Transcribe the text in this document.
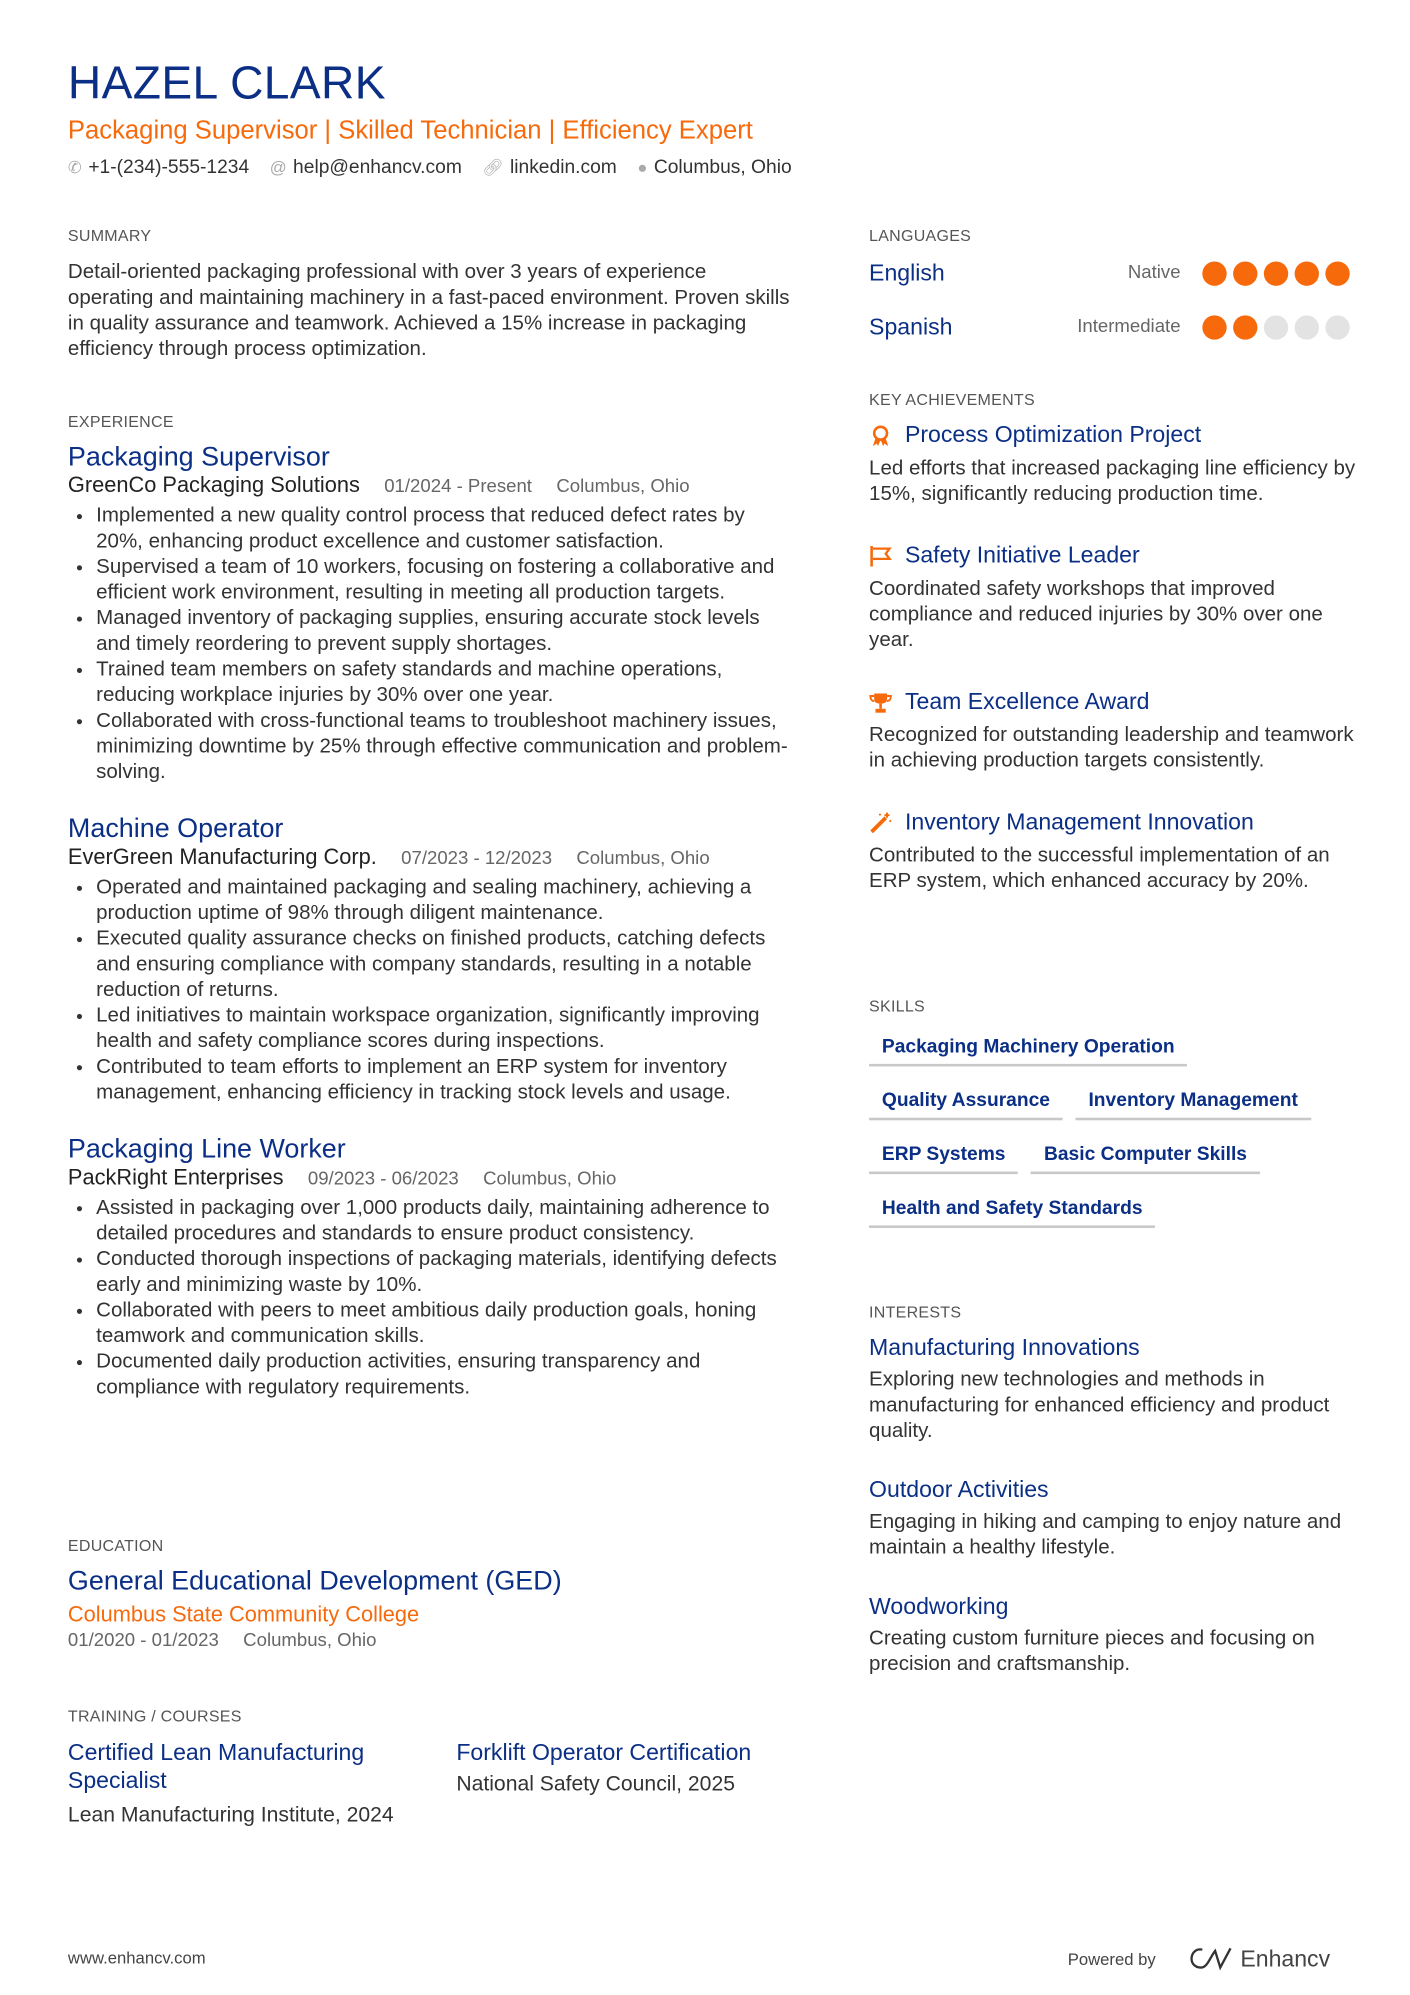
HAZEL CLARK
Packaging Supervisor | Skilled Technician | Efficiency Expert
✆ +1-(234)-555-1234 @ help@enhancv.com 🔗︎ linkedin.com ● Columbus, Ohio
SUMMARY
Detail-oriented packaging professional with over 3 years of experience operating and maintaining machinery in a fast-paced environment. Proven skills in quality assurance and teamwork. Achieved a 15% increase in packaging efficiency through process optimization.
EXPERIENCE
Packaging Supervisor
GreenCo Packaging Solutions 01/2024 - Present Columbus, Ohio
• Implemented a new quality control process that reduced defect rates by 20%, enhancing product excellence and customer satisfaction.
• Supervised a team of 10 workers, focusing on fostering a collaborative and efficient work environment, resulting in meeting all production targets.
• Managed inventory of packaging supplies, ensuring accurate stock levels and timely reordering to prevent supply shortages.
• Trained team members on safety standards and machine operations, reducing workplace injuries by 30% over one year.
• Collaborated with cross-functional teams to troubleshoot machinery issues, minimizing downtime by 25% through effective communication and problem-solving.
Machine Operator
EverGreen Manufacturing Corp. 07/2023 - 12/2023 Columbus, Ohio
• Operated and maintained packaging and sealing machinery, achieving a production uptime of 98% through diligent maintenance.
• Executed quality assurance checks on finished products, catching defects and ensuring compliance with company standards, resulting in a notable reduction of returns.
• Led initiatives to maintain workspace organization, significantly improving health and safety compliance scores during inspections.
• Contributed to team efforts to implement an ERP system for inventory management, enhancing efficiency in tracking stock levels and usage.
Packaging Line Worker
PackRight Enterprises 09/2023 - 06/2023 Columbus, Ohio
• Assisted in packaging over 1,000 products daily, maintaining adherence to detailed procedures and standards to ensure product consistency.
• Conducted thorough inspections of packaging materials, identifying defects early and minimizing waste by 10%.
• Collaborated with peers to meet ambitious daily production goals, honing teamwork and communication skills.
• Documented daily production activities, ensuring transparency and compliance with regulatory requirements.
EDUCATION
General Educational Development (GED)
Columbus State Community College
01/2020 - 01/2023 Columbus, Ohio
TRAINING / COURSES
Certified Lean Manufacturing Specialist
Lean Manufacturing Institute, 2024
Forklift Operator Certification
National Safety Council, 2025
LANGUAGES
English	Native
Spanish	Intermediate
KEY ACHIEVEMENTS
Process Optimization Project
Led efforts that increased packaging line efficiency by 15%, significantly reducing production time.
Safety Initiative Leader
Coordinated safety workshops that improved compliance and reduced injuries by 30% over one year.
Team Excellence Award
Recognized for outstanding leadership and teamwork in achieving production targets consistently.
Inventory Management Innovation
Contributed to the successful implementation of an ERP system, which enhanced accuracy by 20%.
SKILLS
Packaging Machinery Operation
Quality Assurance	Inventory Management
ERP Systems	Basic Computer Skills
Health and Safety Standards
INTERESTS
Manufacturing Innovations
Exploring new technologies and methods in manufacturing for enhanced efficiency and product quality.
Outdoor Activities
Engaging in hiking and camping to enjoy nature and maintain a healthy lifestyle.
Woodworking
Creating custom furniture pieces and focusing on precision and craftsmanship.
www.enhancv.com	Powered by	Enhancv
